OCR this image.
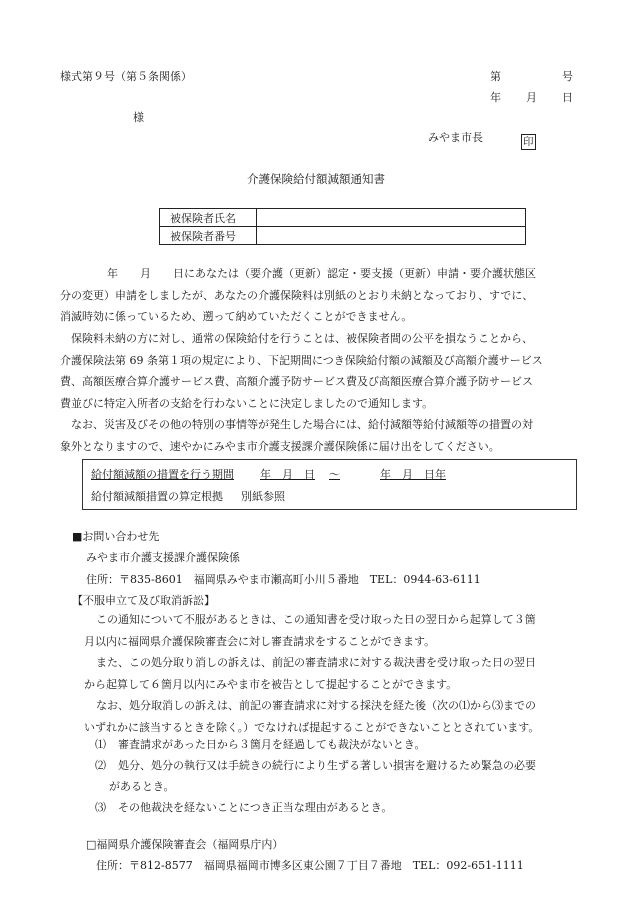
様式第９号（第５条関係）	第	号
年 月 日
様
みやま市長	印
介護保険給付額減額通知書
被保険者氏名	
被保険者番号	
年　　月　　日にあなたは（要介護（更新）認定・要支援（更新）申請・要介護状態区
分の変更）申請をしましたが、あなたの介護保険料は別紙のとおり未納となっており、すでに、
消滅時効に係っているため、遡って納めていただくことができません。
保険料未納の方に対し、通常の保険給付を行うことは、被保険者間の公平を損なうことから、
介護保険法第 69 条第１項の規定により、下記期間につき保険給付額の減額及び高額介護サービス
費、高額医療合算介護サービス費、高額介護予防サービス費及び高額医療合算介護予防サービス
費並びに特定入所者の支給を行わないことに決定しましたので通知します。
なお、災害及びその他の特別の事情等が発生した場合には、給付減額等給付減額等の措置の対
象外となりますので、速やかにみやま市介護支援課介護保険係に届け出をしてください。
給付額減額の措置を行う期間 年　月　日 ～	年　月　日年
給付額減額措置の算定根拠 別紙参照
■お問い合わせ先
みやま市介護支援課介護保険係
住所：〒835-8601　福岡県みやま市瀬高町小川５番地　TEL：0944-63-6111
【不服申立て及び取消訴訟】
この通知について不服があるときは、この通知書を受け取った日の翌日から起算して３箇
月以内に福岡県介護保険審査会に対し審査請求をすることができます。
また、この処分取り消しの訴えは、前記の審査請求に対する裁決書を受け取った日の翌日
から起算して６箇月以内にみやま市を被告として提起することができます。
なお、処分取消しの訴えは、前記の審査請求に対する採決を経た後（次の⑴から⑶までの
いずれかに該当するときを除く。）でなければ提起することができないこととされています。
⑴ 審査請求があった日から３箇月を経過しても裁決がないとき。
⑵ 処分、処分の執行又は手続きの続行により生ずる著しい損害を避けるため緊急の必要
があるとき。
⑶ その他裁決を経ないことにつき正当な理由があるとき。
□福岡県介護保険審査会（福岡県庁内）
住所：〒812-8577　福岡県福岡市博多区東公園７丁目７番地　TEL：092-651-1111
